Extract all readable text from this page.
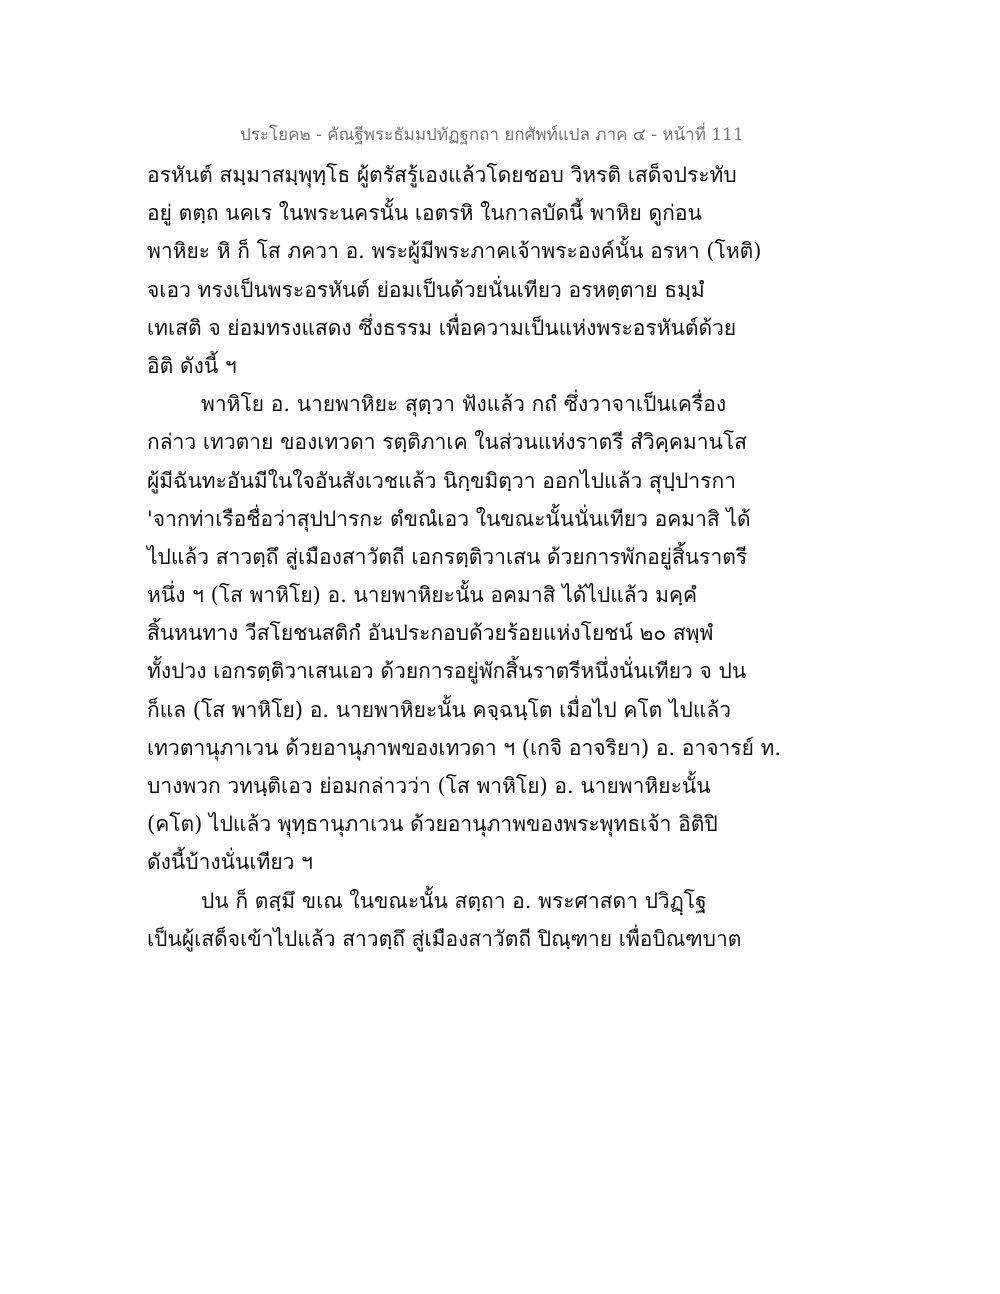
ประโยค๒ - คัณฐีพระธัมมปทัฏฐกถา ยกศัพท์แปล ภาค ๔ - หน้าที่ 111
อรหันต์ สมฺมาสมฺพุทฺโธ ผู้ตรัสรู้เองแล้วโดยชอบ วิหรติ เสด็จประทับ
อยู่ ตตฺถ นคเร ในพระนครนั้น เอตรหิ ในกาลบัดนี้ พาหิย ดูก่อน
พาหิยะ หิ ก็ โส ภควา อ. พระผู้มีพระภาคเจ้าพระองค์นั้น อรหา (โหติ)
จเอว ทรงเป็นพระอรหันต์ ย่อมเป็นด้วยนั่นเทียว อรหตฺตาย ธมฺมํ
เทเสติ จ ย่อมทรงแสดง ซึ่งธรรม เพื่อความเป็นแห่งพระอรหันต์ด้วย
อิติ ดังนี้ ฯ
พาหิโย อ. นายพาหิยะ สุตฺวา ฟังแล้ว กถํ ซึ่งวาจาเป็นเครื่อง
กล่าว เทวตาย ของเทวดา รตฺติภาเค ในส่วนแห่งราตรี สํวิคฺคมานโส
ผู้มีฉันทะอันมีในใจอันสังเวชแล้ว นิกฺขมิตฺวา ออกไปแล้ว สุปฺปารกา
'จากท่าเรือชื่อว่าสุปปารกะ ตํขณํเอว ในขณะนั้นนั่นเทียว อคมาสิ ได้
ไปแล้ว สาวตฺถึ สู่เมืองสาวัตถี เอกรตฺติวาเสน ด้วยการพักอยู่สิ้นราตรี
หนึ่ง ฯ (โส พาหิโย) อ. นายพาหิยะนั้น อคมาสิ ได้ไปแล้ว มคฺคํ
สิ้นหนทาง วีสโยชนสติกํ อันประกอบด้วยร้อยแห่งโยชน์ ๒๐ สพฺพํ
ทั้งปวง เอกรตฺติวาเสนเอว ด้วยการอยู่พักสิ้นราตรีหนึ่งนั่นเทียว จ ปน
ก็แล (โส พาหิโย) อ. นายพาหิยะนั้น คจฺฉนฺโต เมื่อไป คโต ไปแล้ว
เทวตานุภาเวน ด้วยอานุภาพของเทวดา ฯ (เกจิ อาจริยา) อ. อาจารย์ ท.
บางพวก วทนฺติเอว ย่อมกล่าวว่า (โส พาหิโย) อ. นายพาหิยะนั้น
(คโต) ไปแล้ว พุทฺธานุภาเวน ด้วยอานุภาพของพระพุทธเจ้า อิติปิ
ดังนี้บ้างนั่นเทียว ฯ
ปน ก็ ตสฺมึ ขเณ ในขณะนั้น สตฺถา อ. พระศาสดา ปวิฏฺโฐ
เป็นผู้เสด็จเข้าไปแล้ว สาวตฺถึ สู่เมืองสาวัตถี ปิณฺฑาย เพื่อบิณฑบาต
